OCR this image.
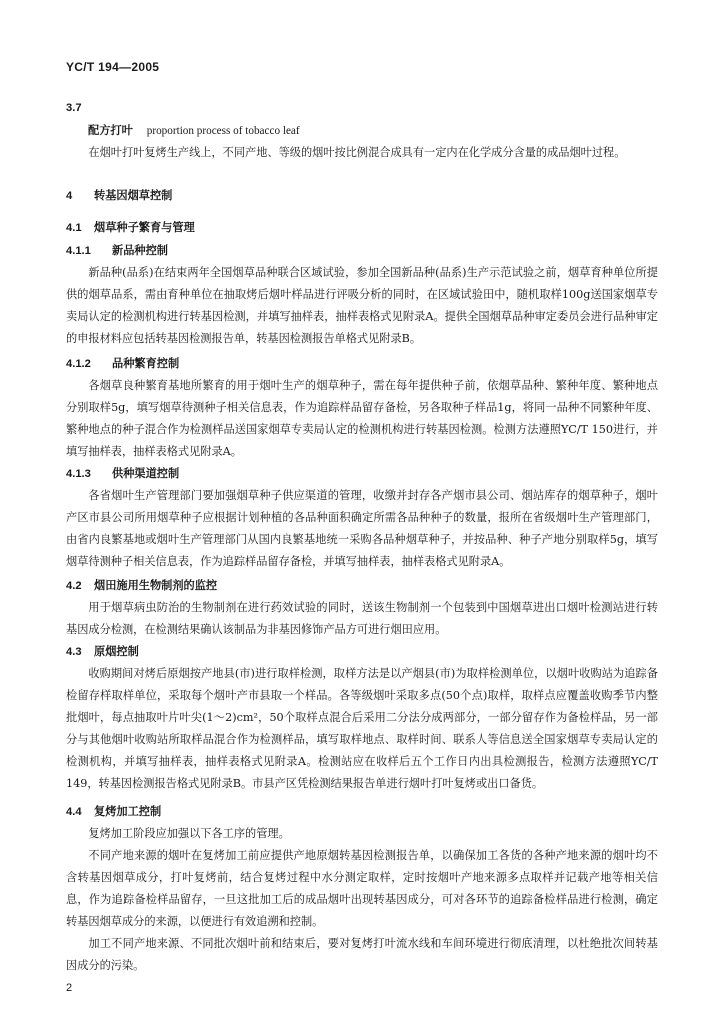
YC/T 194—2005

3.7

配方打叶 proportion process of tobacco leaf

在烟叶打叶复烤生产线上，不同产地、等级的烟叶按比例混合成具有一定内在化学成分含量的成品烟叶过程。

4 转基因烟草控制

4.1 烟草种子繁育与管理

4.1.1 新品种控制

新品种(品系)在结束两年全国烟草品种联合区域试验，参加全国新品种(品系)生产示范试验之前，烟草育种单位所提供的烟草品系，需由育种单位在抽取烤后烟叶样品进行评吸分析的同时，在区域试验田中，随机取样100g送国家烟草专卖局认定的检测机构进行转基因检测，并填写抽样表，抽样表格式见附录A。提供全国烟草品种审定委员会进行品种审定的申报材料应包括转基因检测报告单，转基因检测报告单格式见附录B。

4.1.2 品种繁育控制

各烟草良种繁育基地所繁育的用于烟叶生产的烟草种子，需在每年提供种子前，依烟草品种、繁种年度、繁种地点分别取样5g，填写烟草待测种子相关信息表，作为追踪样品留存备检，另各取种子样品1g，将同一品种不同繁种年度、繁种地点的种子混合作为检测样品送国家烟草专卖局认定的检测机构进行转基因检测。检测方法遵照YC/T 150进行，并填写抽样表，抽样表格式见附录A。

4.1.3 供种渠道控制

各省烟叶生产管理部门要加强烟草种子供应渠道的管理，收缴并封存各产烟市县公司、烟站库存的烟草种子，烟叶产区市县公司所用烟草种子应根据计划种植的各品种面积确定所需各品种种子的数量，报所在省级烟叶生产管理部门，由省内良繁基地或烟叶生产管理部门从国内良繁基地统一采购各品种烟草种子，并按品种、种子产地分别取样5g，填写烟草待测种子相关信息表，作为追踪样品留存备检，并填写抽样表，抽样表格式见附录A。

4.2 烟田施用生物制剂的监控

用于烟草病虫防治的生物制剂在进行药效试验的同时，送该生物制剂一个包装到中国烟草进出口烟叶检测站进行转基因成分检测，在检测结果确认该制品为非基因修饰产品方可进行烟田应用。

4.3 原烟控制

收购期间对烤后原烟按产地县(市)进行取样检测，取样方法是以产烟县(市)为取样检测单位，以烟叶收购站为追踪备检留存样取样单位，采取每个烟叶产市县取一个样品。各等级烟叶采取多点(50个点)取样，取样点应覆盖收购季节内整批烟叶，每点抽取叶片叶尖(1～2)cm²，50个取样点混合后采用二分法分成两部分，一部分留存作为备检样品，另一部分与其他烟叶收购站所取样品混合作为检测样品，填写取样地点、取样时间、联系人等信息送全国家烟草专卖局认定的检测机构，并填写抽样表，抽样表格式见附录A。检测站应在收样后五个工作日内出具检测报告，检测方法遵照YC/T 149，转基因检测报告格式见附录B。市县产区凭检测结果报告单进行烟叶打叶复烤或出口备货。

4.4 复烤加工控制

复烤加工阶段应加强以下各工序的管理。

不同产地来源的烟叶在复烤加工前应提供产地原烟转基因检测报告单，以确保加工各货的各种产地来源的烟叶均不含转基因烟草成分，打叶复烤前，结合复烤过程中水分测定取样，定时按烟叶产地来源多点取样并记载产地等相关信息，作为追踪备检样品留存，一旦这批加工后的成品烟叶出现转基因成分，可对各环节的追踪备检样品进行检测，确定转基因烟草成分的来源，以便进行有效追溯和控制。

加工不同产地来源、不同批次烟叶前和结束后，要对复烤打叶流水线和车间环境进行彻底清理，以杜绝批次间转基因成分的污染。

2
